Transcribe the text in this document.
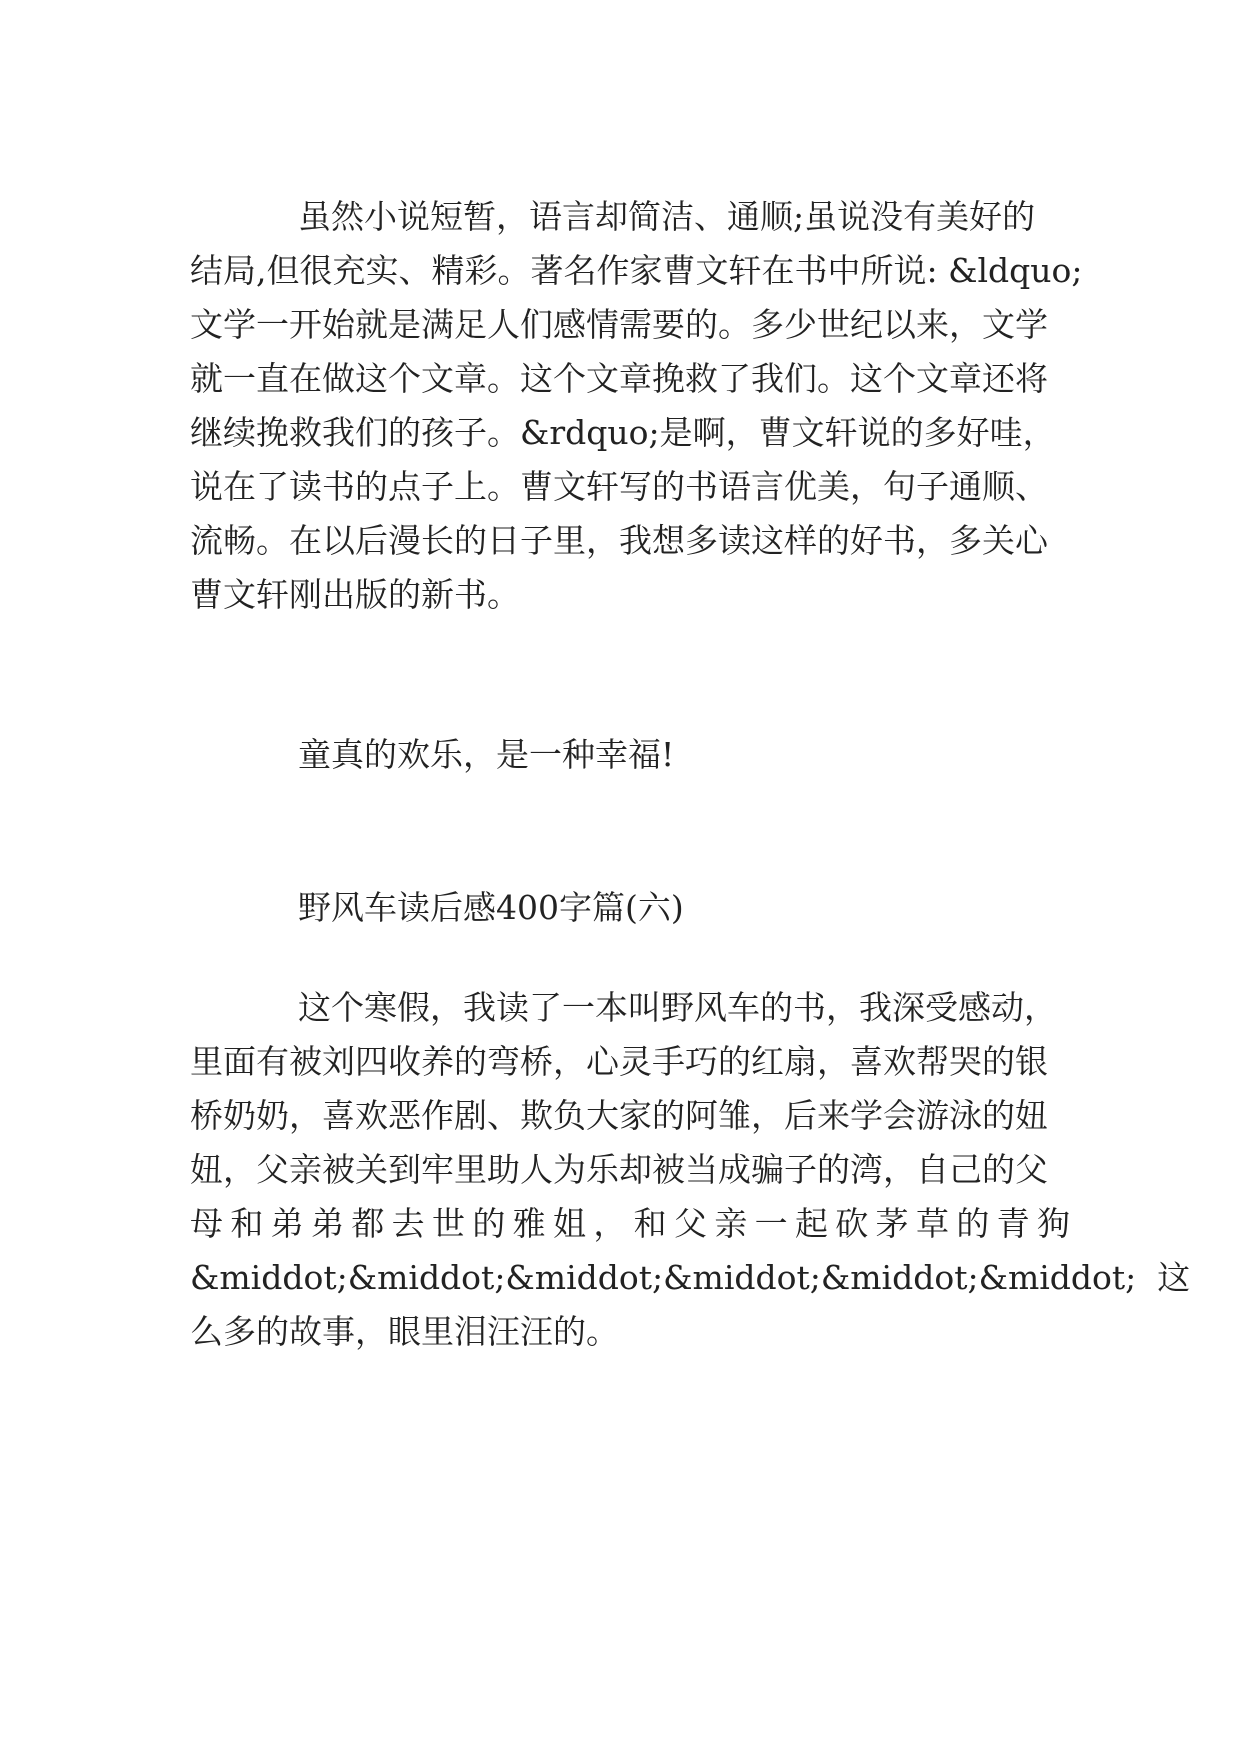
虽然小说短暂，语言却简洁、通顺;虽说没有美好的
结局,但很充实、精彩。著名作家曹文轩在书中所说: &ldquo;
文学一开始就是满足人们感情需要的。多少世纪以来，文学
就一直在做这个文章。这个文章挽救了我们。这个文章还将
继续挽救我们的孩子。&rdquo;是啊，曹文轩说的多好哇，
说在了读书的点子上。曹文轩写的书语言优美，句子通顺、
流畅。在以后漫长的日子里，我想多读这样的好书，多关心
曹文轩刚出版的新书。
童真的欢乐，是一种幸福!
野风车读后感400字篇(六)
这个寒假，我读了一本叫野风车的书，我深受感动，
里面有被刘四收养的弯桥，心灵手巧的红扇，喜欢帮哭的银
桥奶奶，喜欢恶作剧、欺负大家的阿雏，后来学会游泳的妞
妞，父亲被关到牢里助人为乐却被当成骗子的湾，自己的父
母和弟弟都去世的雅姐，和父亲一起砍茅草的青狗
&middot;&middot;&middot;&middot;&middot;&middot;  这
么多的故事，眼里泪汪汪的。
